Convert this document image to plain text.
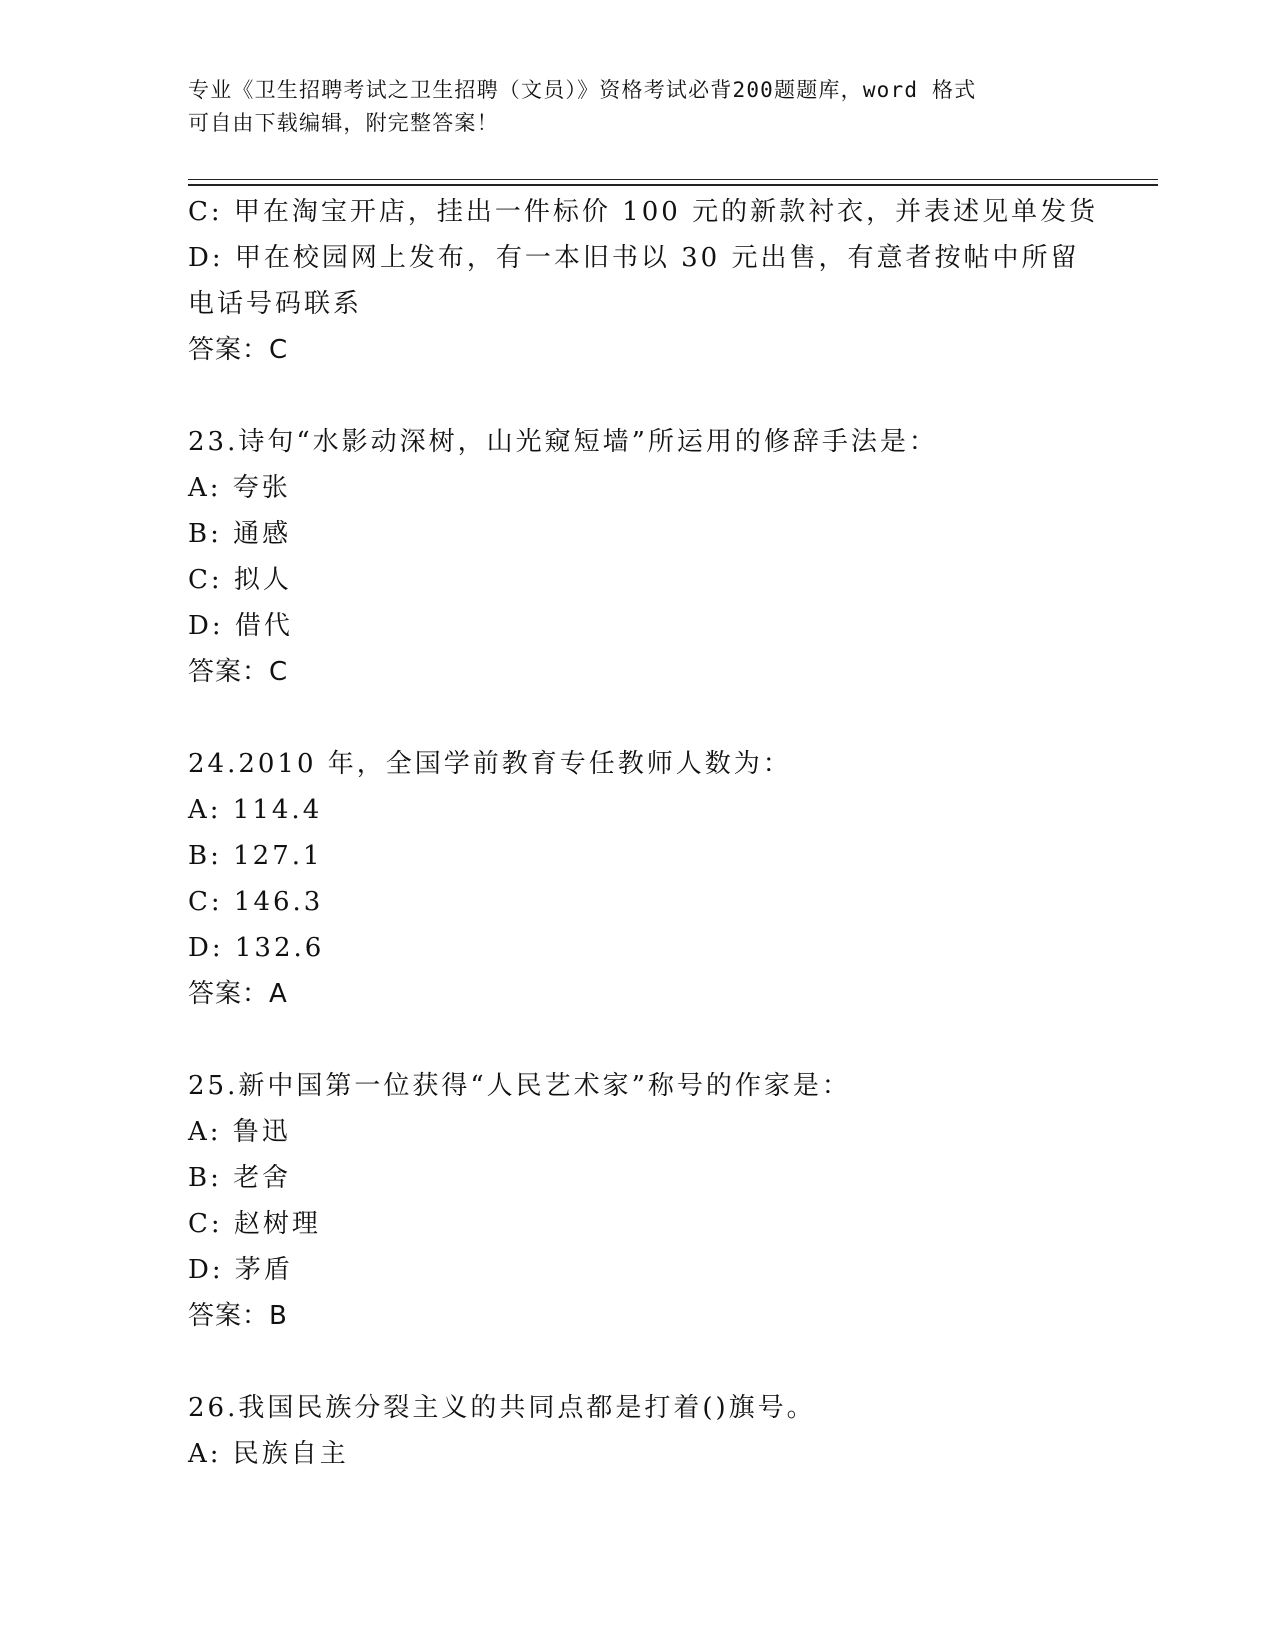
专业《卫生招聘考试之卫生招聘（文员）》资格考试必背200题题库，word 格式
可自由下载编辑，附完整答案！
C: 甲在淘宝开店，挂出一件标价 100 元的新款衬衣，并表述见单发货
D: 甲在校园网上发布，有一本旧书以 30 元出售，有意者按帖中所留
电话号码联系
答案：C
23.诗句“水影动深树，山光窥短墙”所运用的修辞手法是：
A: 夸张
B: 通感
C: 拟人
D: 借代
答案：C
24.2010 年，全国学前教育专任教师人数为：
A: 114.4
B: 127.1
C: 146.3
D: 132.6
答案：A
25.新中国第一位获得“人民艺术家”称号的作家是：
A: 鲁迅
B: 老舍
C: 赵树理
D: 茅盾
答案：B
26.我国民族分裂主义的共同点都是打着()旗号。
A: 民族自主
